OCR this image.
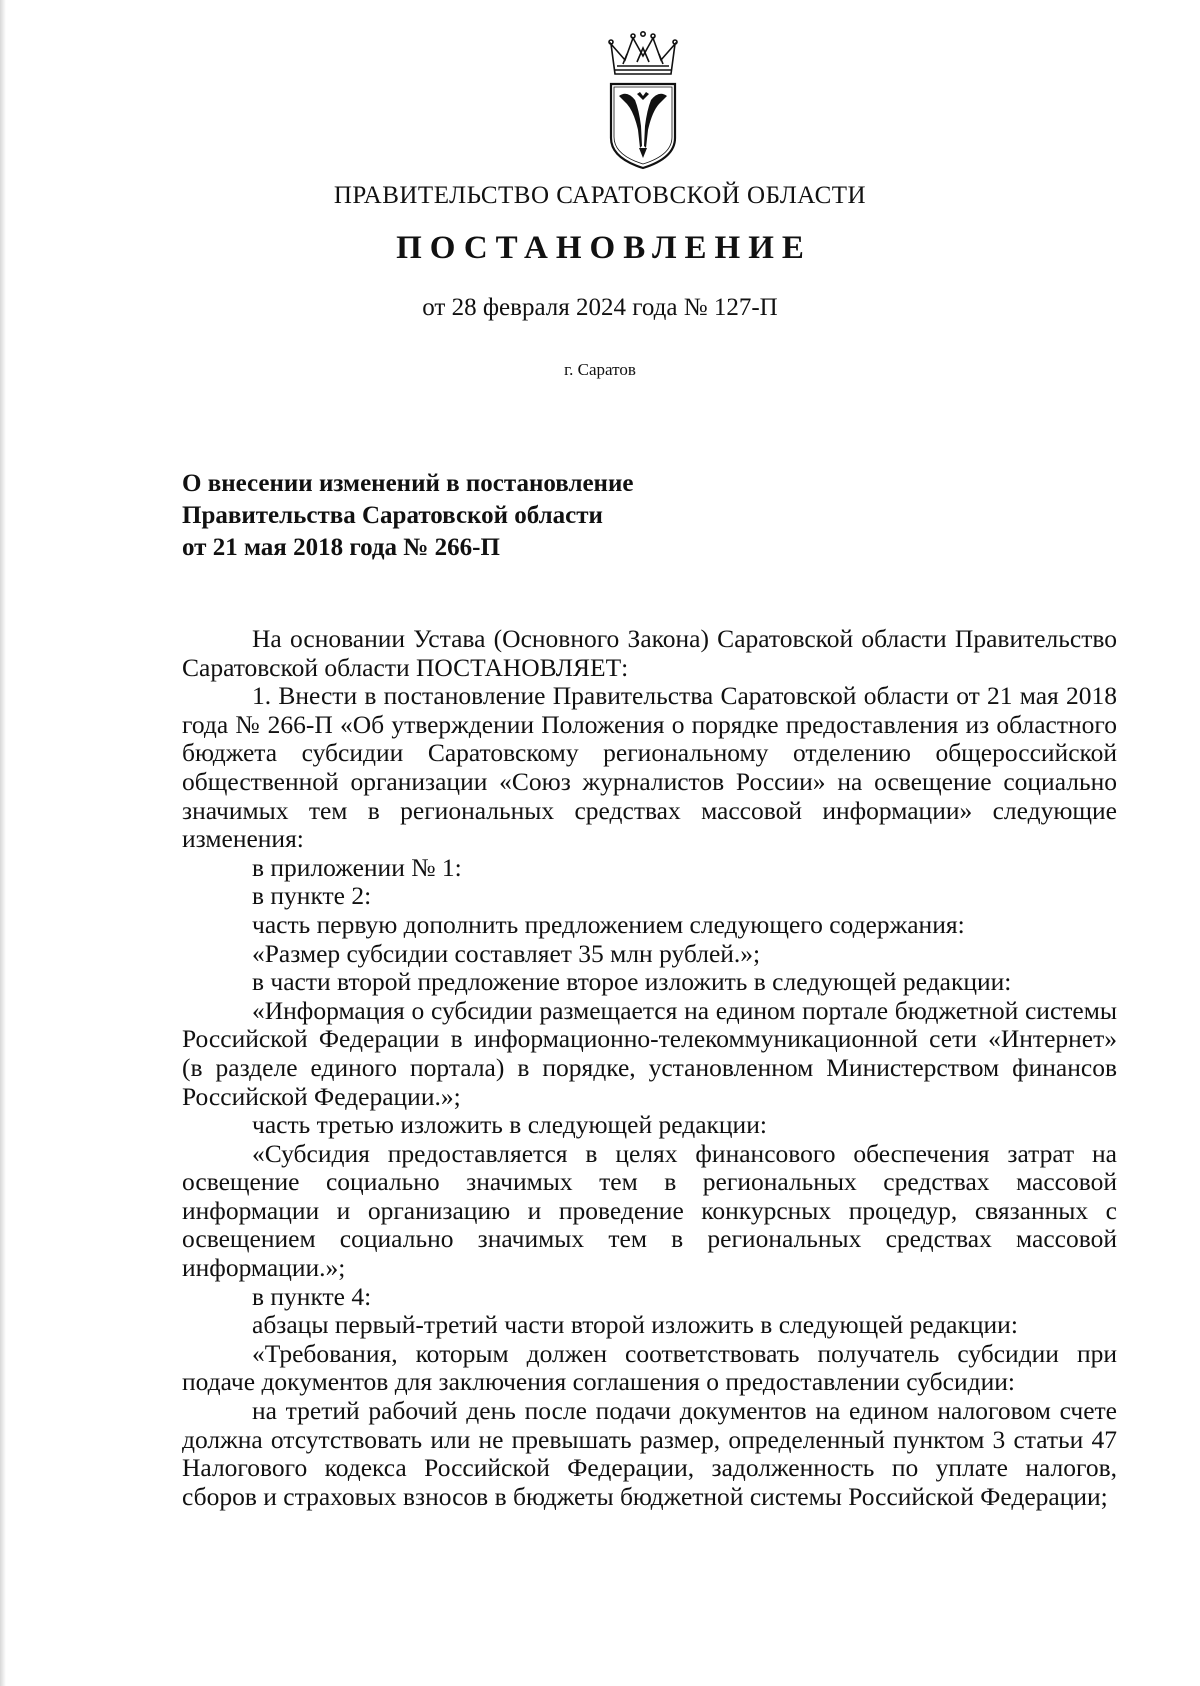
ПРАВИТЕЛЬСТВО САРАТОВСКОЙ ОБЛАСТИ
ПОСТАНОВЛЕНИЕ
от 28 февраля 2024 года № 127-П
г. Саратов
О внесении изменений в постановление
Правительства Саратовской области
от 21 мая 2018 года № 266-П

На основании Устава (Основного Закона) Саратовской области Правительство Саратовской области ПОСТАНОВЛЯЕТ:

1. Внести в постановление Правительства Саратовской области от 21 мая 2018 года № 266-П «Об утверждении Положения о порядке предоставления из областного бюджета субсидии Саратовскому региональному отделению общероссийской общественной организации «Союз журналистов России» на освещение социально значимых тем в региональных средствах массовой информации» следующие изменения:

в приложении № 1:

в пункте 2:

часть первую дополнить предложением следующего содержания:

«Размер субсидии составляет 35 млн рублей.»;

в части второй предложение второе изложить в следующей редакции:

«Информация о субсидии размещается на едином портале бюджетной системы Российской Федерации в информационно-телекоммуникационной сети «Интернет» (в разделе единого портала) в порядке, установленном Министерством финансов Российской Федерации.»;

часть третью изложить в следующей редакции:

«Субсидия предоставляется в целях финансового обеспечения затрат на освещение социально значимых тем в региональных средствах массовой информации и организацию и проведение конкурсных процедур, связанных с освещением социально значимых тем в региональных средствах массовой информации.»;

в пункте 4:

абзацы первый-третий части второй изложить в следующей редакции:

«Требования, которым должен соответствовать получатель субсидии при подаче документов для заключения соглашения о предоставлении субсидии:

на третий рабочий день после подачи документов на едином налоговом счете должна отсутствовать или не превышать размер, определенный пунктом 3 статьи 47 Налогового кодекса Российской Федерации, задолженность по уплате налогов, сборов и страховых взносов в бюджеты бюджетной системы Российской Федерации;
